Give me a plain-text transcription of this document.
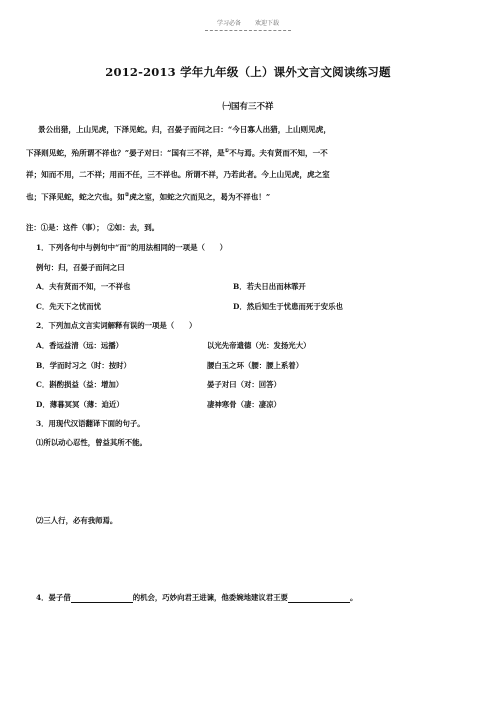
学习必备 欢迎下载
2012-2013 学年九年级（上）课外文言文阅读练习题
㈠国有三不祥
景公出猎，上山见虎，下泽见蛇。归，召晏子而问之曰：“今日寡人出猎，上山则见虎，
下泽则见蛇，殆所谓不祥也？”晏子对曰：“国有三不祥，是①不与焉。夫有贤而不知，一不
祥；知而不用，二不祥；用而不任，三不祥也。所谓不祥，乃若此者。今上山见虎，虎之室
也；下泽见蛇，蛇之穴也。如②虎之室，如蛇之穴而见之，曷为不祥也！”
注：①是：这件（事）；　②如：去，到。
1．下列各句中与例句中“而”的用法相同的一项是（　　）
例句：归，召晏子而问之曰
A．夫有贤而不知，一不祥也	B．若夫日出而林霏开
C．先天下之忧而忧	D．然后知生于忧患而死于安乐也
2．下列加点文言实词解释有误的一项是（　　）
A．香远益清（远：远播）	以光先帝遗德（光：发扬光大）
B．学而时习之（时：按时）	腰白玉之环（腰：腰上系着）
C．斟酌损益（益：增加）	晏子对曰（对：回答）
D．薄暮冥冥（薄：迫近）	凄神寒骨（凄：凄凉）
3．用现代汉语翻译下面的句子。
⑴所以动心忍性，曾益其所不能。
⑵三人行，必有我师焉。
4．晏子借	的机会，巧妙向君王进谏，他委婉地建议君王要	。
